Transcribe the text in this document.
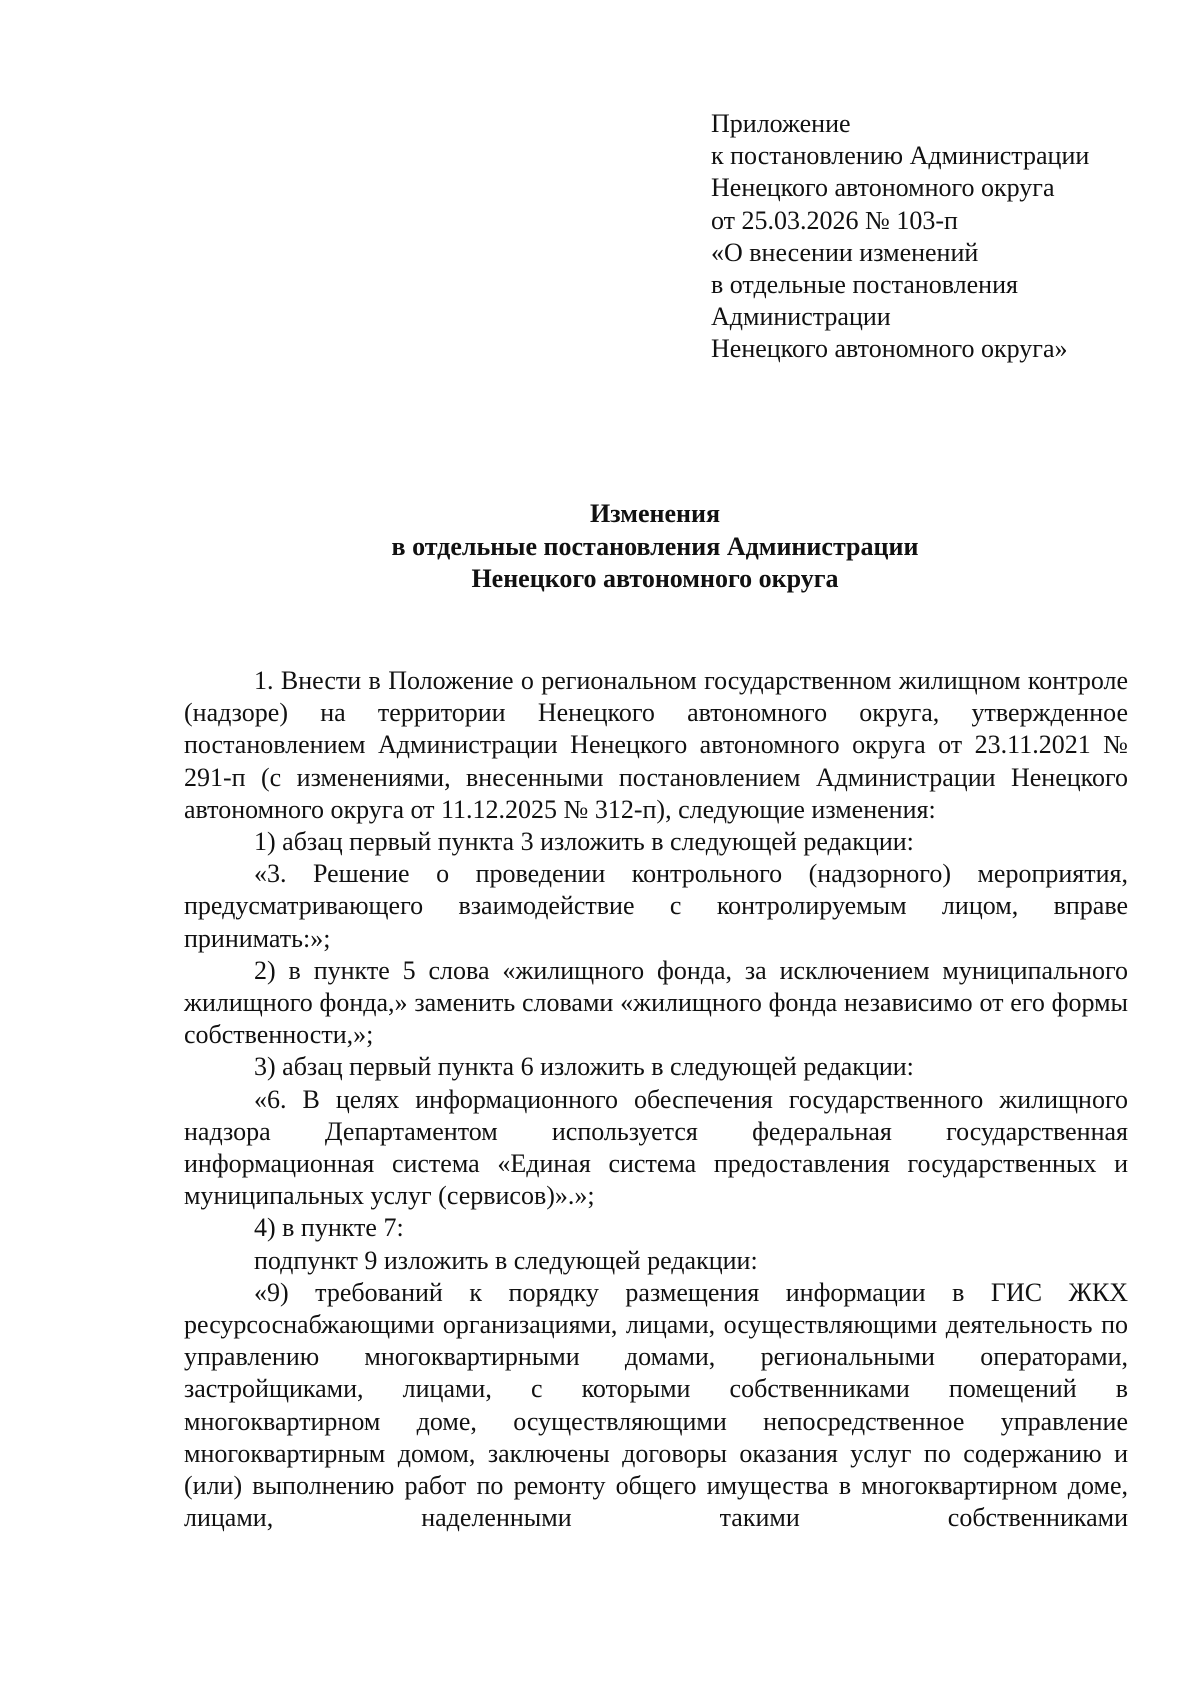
Приложение
к постановлению Администрации
Ненецкого автономного округа
от 25.03.2026 № 103-п
«О внесении изменений
в отдельные постановления
Администрации
Ненецкого автономного округа»
Изменения
в отдельные постановления Администрации
Ненецкого автономного округа

1. Внести в Положение о региональном государственном жилищном контроле (надзоре) на территории Ненецкого автономного округа, утвержденное постановлением Администрации Ненецкого автономного округа от 23.11.2021 № 291-п (с изменениями, внесенными постановлением Администрации Ненецкого автономного округа от 11.12.2025 № 312-п), следующие изменения:

1) абзац первый пункта 3 изложить в следующей редакции:

«3. Решение о проведении контрольного (надзорного) мероприятия, предусматривающего взаимодействие с контролируемым лицом, вправе принимать:»;

2) в пункте 5 слова «жилищного фонда, за исключением муниципального жилищного фонда,» заменить словами «жилищного фонда независимо от его формы собственности,»;

3) абзац первый пункта 6 изложить в следующей редакции:

«6. В целях информационного обеспечения государственного жилищного надзора Департаментом используется федеральная государственная информационная система «Единая система предоставления государственных и муниципальных услуг (сервисов)».»;

4) в пункте 7:

подпункт 9 изложить в следующей редакции:

«9) требований к порядку размещения информации в ГИС ЖКХ ресурсоснабжающими организациями, лицами, осуществляющими деятельность по управлению многоквартирными домами, региональными операторами, застройщиками, лицами, с которыми собственниками помещений в многоквартирном доме, осуществляющими непосредственное управление многоквартирным домом, заключены договоры оказания услуг по содержанию и (или) выполнению работ по ремонту общего имущества в многоквартирном доме, лицами, наделенными такими собственниками
